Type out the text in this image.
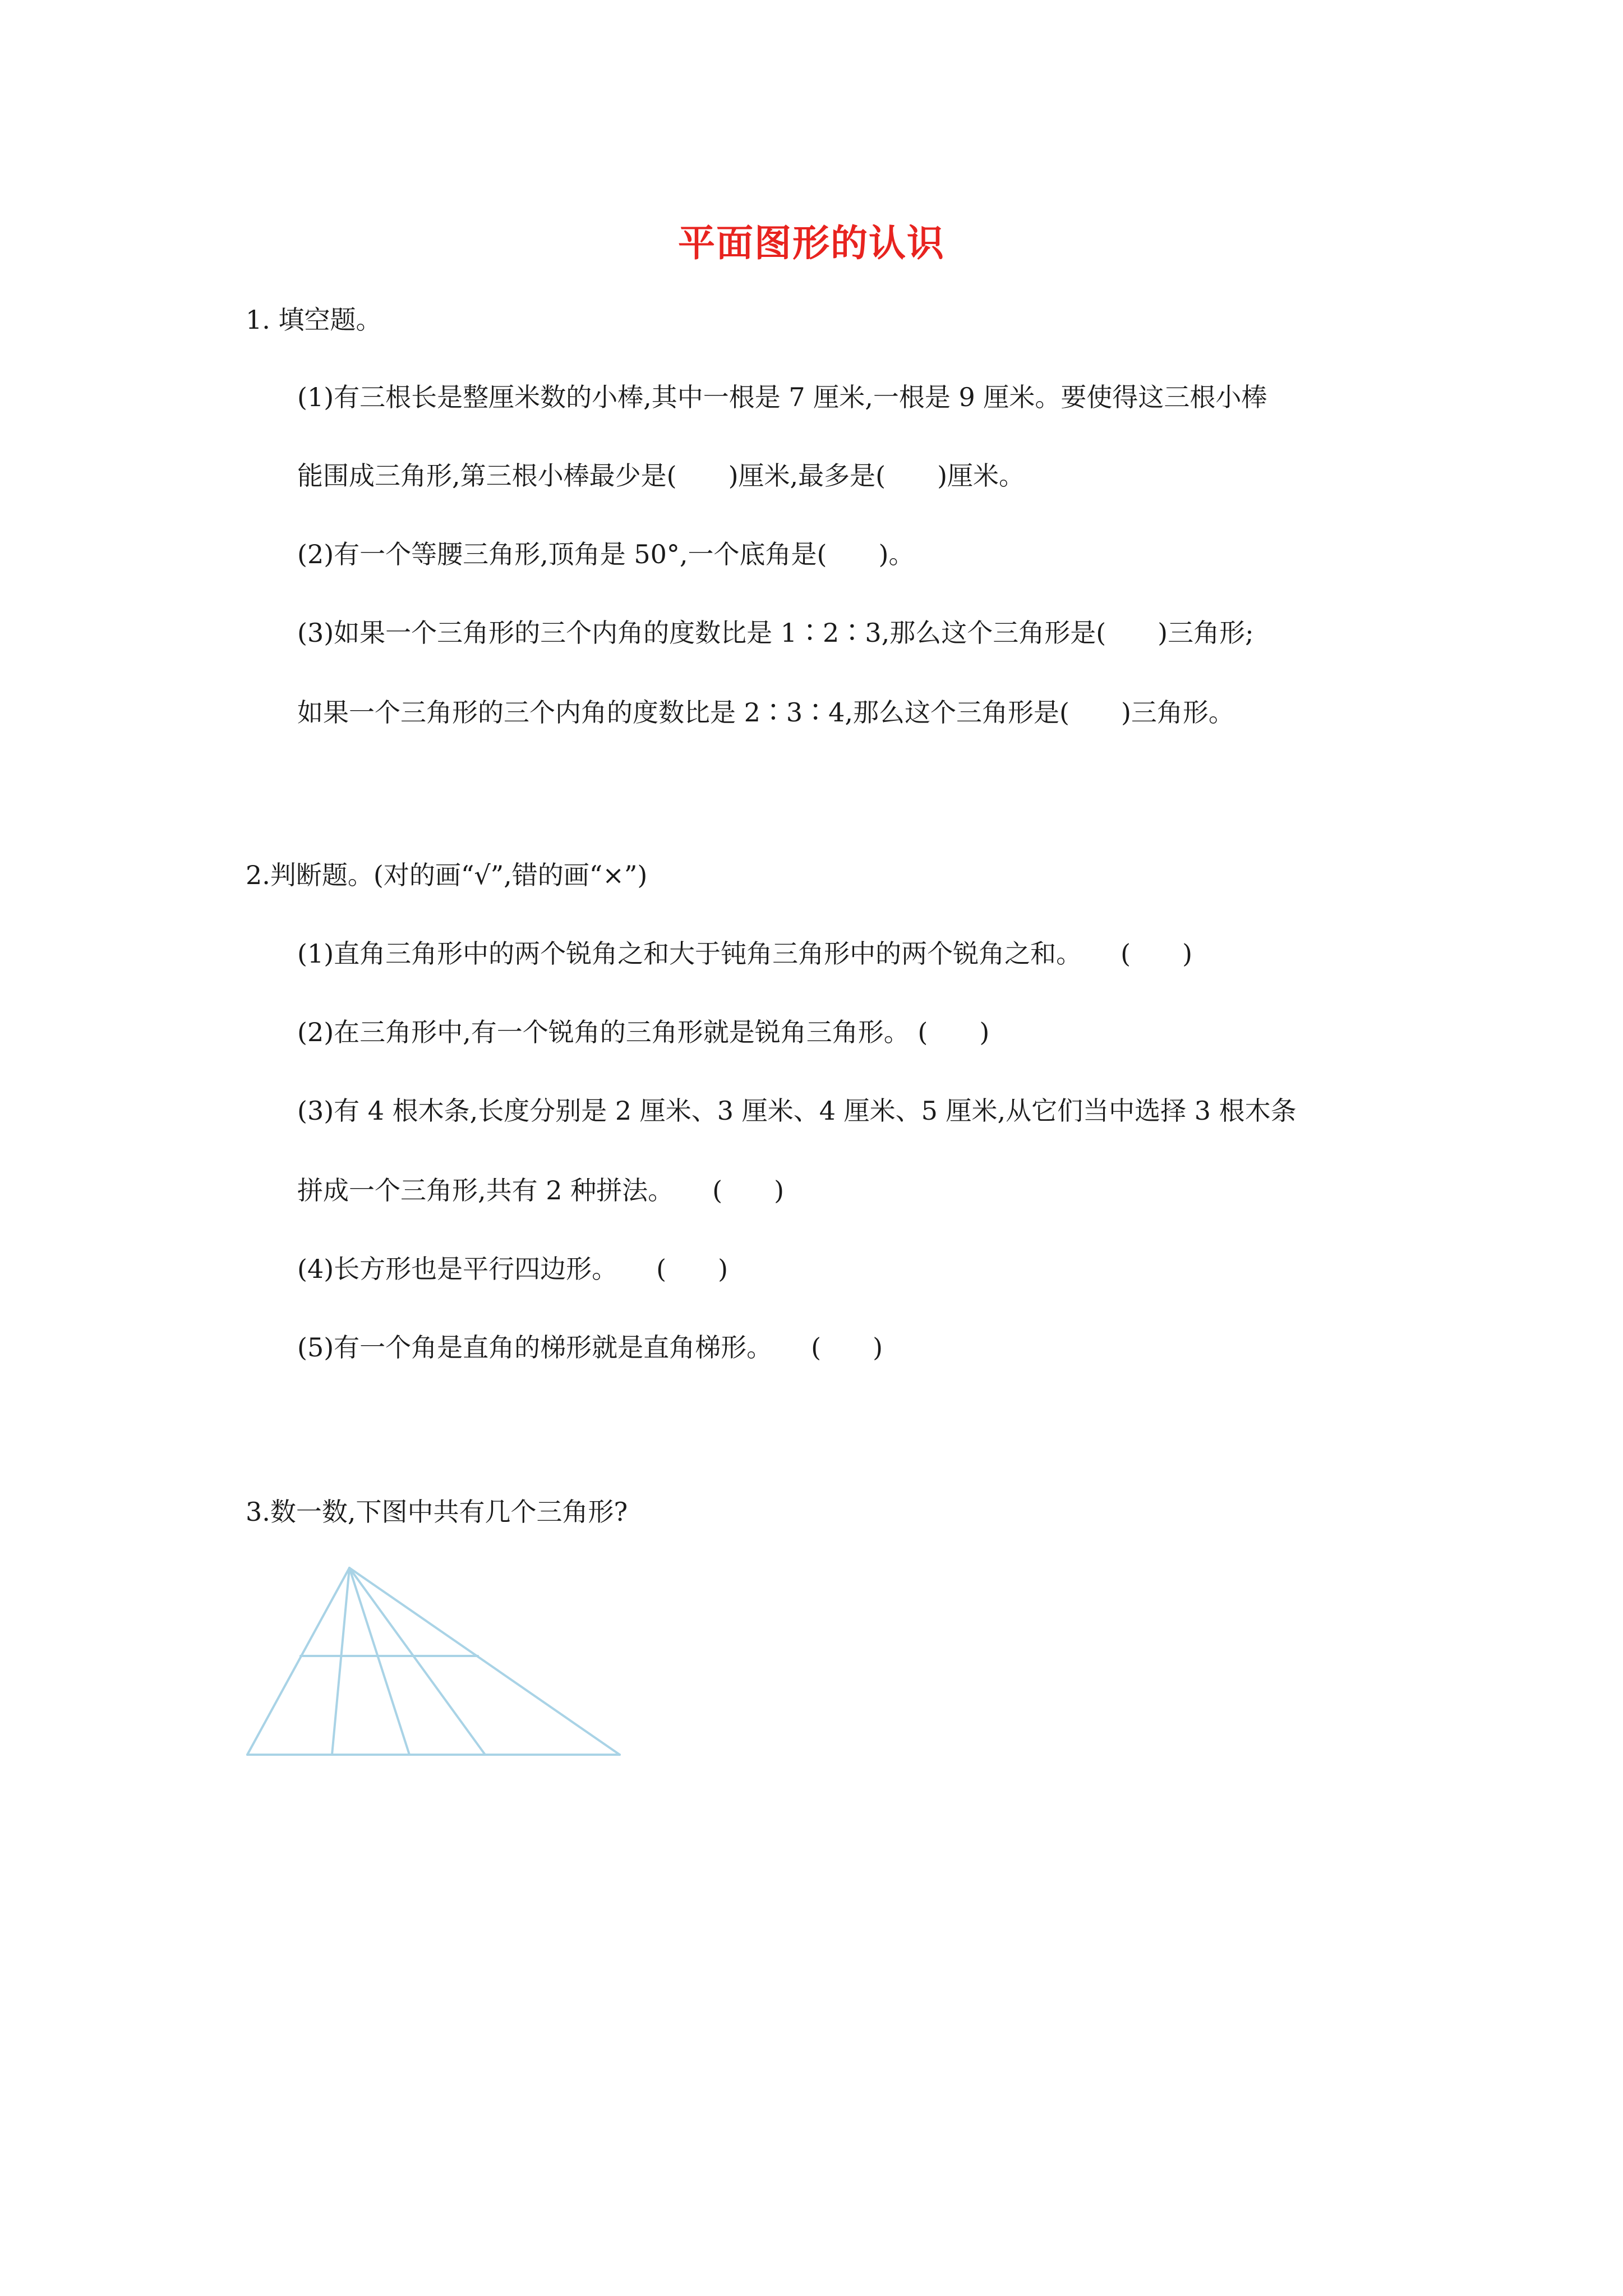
平面图形的认识
1. 填空题。
(1)有三根长是整厘米数的小棒,其中一根是 7 厘米,一根是 9 厘米。要使得这三根小棒
能围成三角形,第三根小棒最少是(　　)厘米,最多是(　　)厘米。
(2)有一个等腰三角形,顶角是 50°,一个底角是(　　)。
(3)如果一个三角形的三个内角的度数比是 1∶2∶3,那么这个三角形是(　　)三角形;
如果一个三角形的三个内角的度数比是 2∶3∶4,那么这个三角形是(　　)三角形。
2.判断题。(对的画“√”,错的画“×”)
(1)直角三角形中的两个锐角之和大于钝角三角形中的两个锐角之和。　　(　　)
(2)在三角形中,有一个锐角的三角形就是锐角三角形。 (　　)
(3)有 4 根木条,长度分别是 2 厘米、3 厘米、4 厘米、5 厘米,从它们当中选择 3 根木条
拼成一个三角形,共有 2 种拼法。　　(　　)
(4)长方形也是平行四边形。　　(　　)
(5)有一个角是直角的梯形就是直角梯形。　　(　　)
3.数一数,下图中共有几个三角形?
